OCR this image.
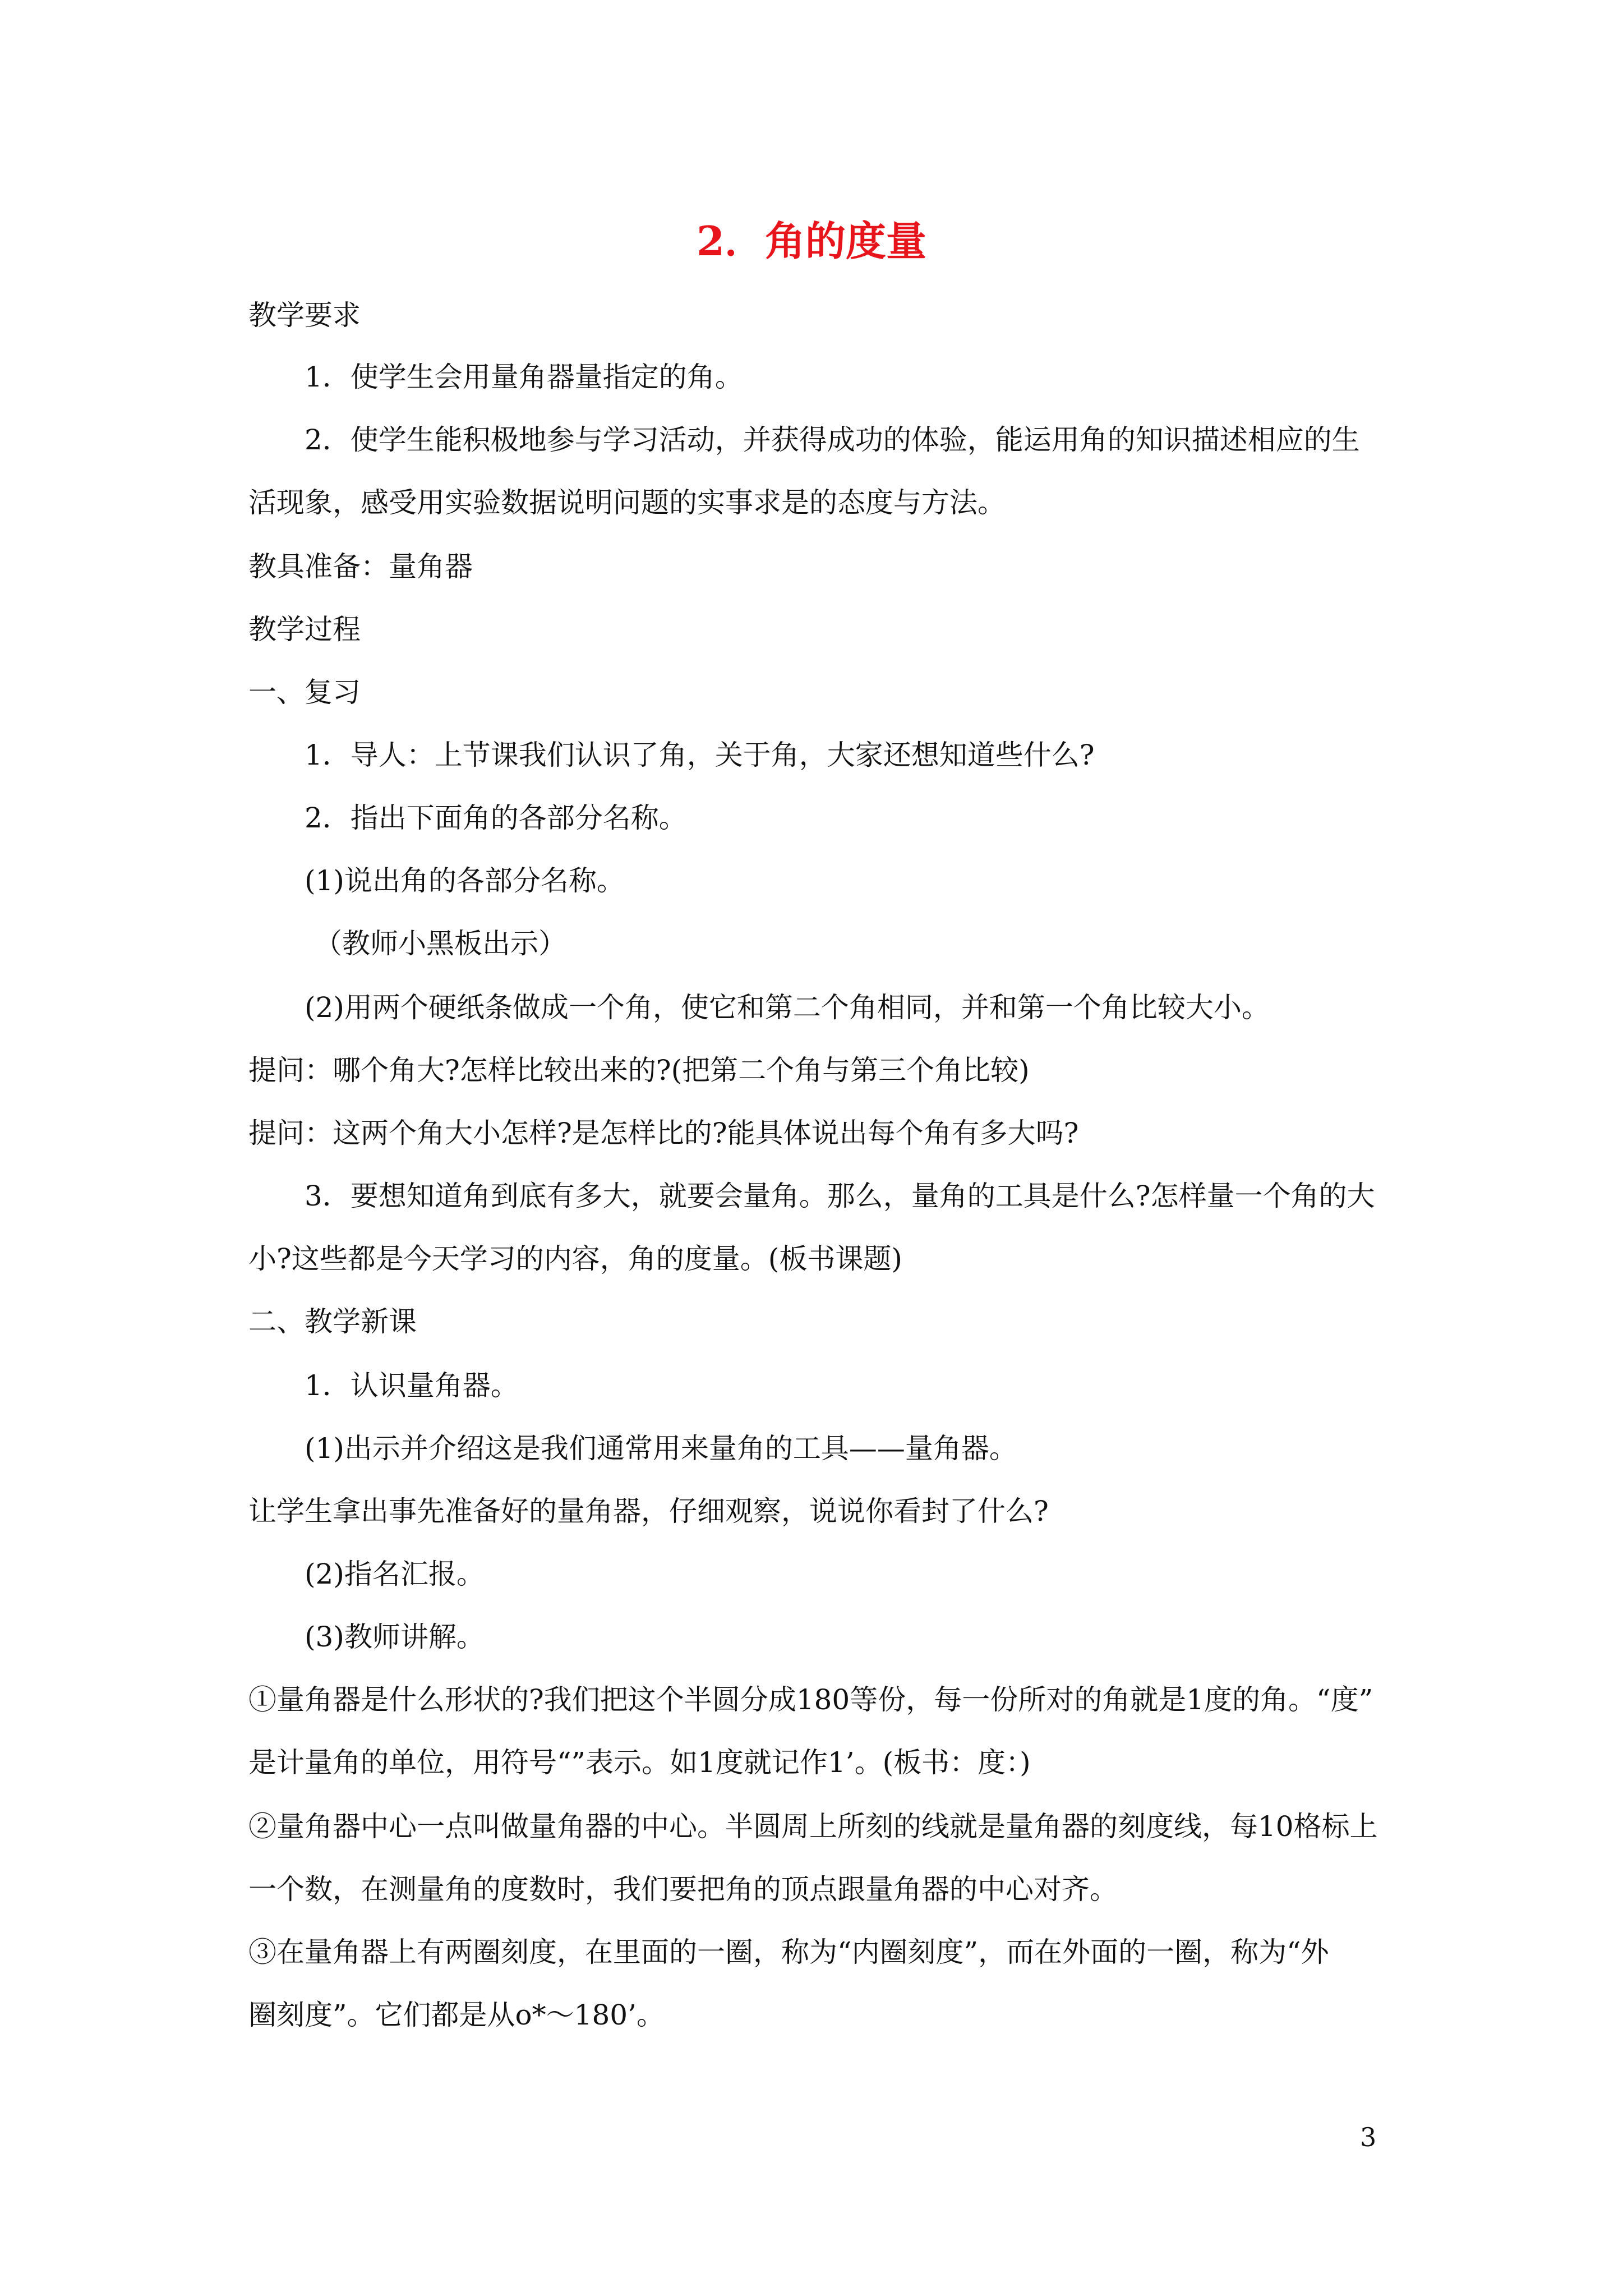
2．角的度量
教学要求
1．使学生会用量角器量指定的角。
2．使学生能积极地参与学习活动，并获得成功的体验，能运用角的知识描述相应的生
活现象，感受用实验数据说明问题的实事求是的态度与方法。
教具准备：量角器
教学过程
一、复习
1．导人：上节课我们认识了角，关于角，大家还想知道些什么?
2．指出下面角的各部分名称。
(1)说出角的各部分名称。
（教师小黑板出示）
(2)用两个硬纸条做成一个角，使它和第二个角相同，并和第一个角比较大小。
提问：哪个角大?怎样比较出来的?(把第二个角与第三个角比较)
提问：这两个角大小怎样?是怎样比的?能具体说出每个角有多大吗?
3．要想知道角到底有多大，就要会量角。那么，量角的工具是什么?怎样量一个角的大
小?这些都是今天学习的内容，角的度量。(板书课题)
二、教学新课
1．认识量角器。
(1)出示并介绍这是我们通常用来量角的工具——量角器。
让学生拿出事先准备好的量角器，仔细观察，说说你看封了什么?
(2)指名汇报。
(3)教师讲解。
①量角器是什么形状的?我们把这个半圆分成180等份，每一份所对的角就是1度的角。“度”
是计量角的单位，用符号“”表示。如1度就记作1’。(板书：度：)
②量角器中心一点叫做量角器的中心。半圆周上所刻的线就是量角器的刻度线，每10格标上
一个数，在测量角的度数时，我们要把角的顶点跟量角器的中心对齐。
③在量角器上有两圈刻度，在里面的一圈，称为“内圈刻度”，而在外面的一圈，称为“外
圈刻度”。它们都是从o*～180’。
3
